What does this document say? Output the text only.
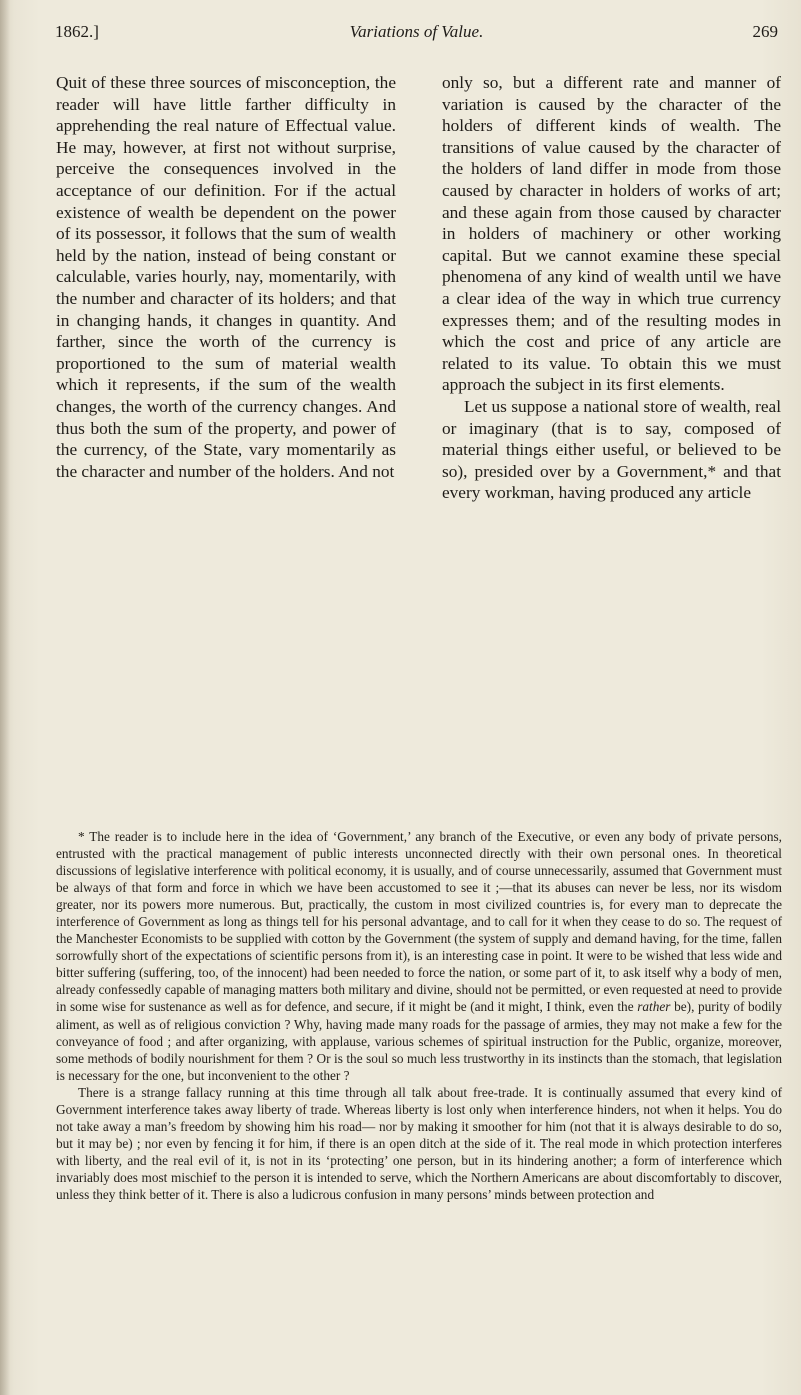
1862.]	Variations of Value.	269

Quit of these three sources of misconception, the reader will have little farther difficulty in apprehending the real nature of Effectual value. He may, however, at first not without surprise, perceive the consequences involved in the acceptance of our definition. For if the actual existence of wealth be dependent on the power of its possessor, it follows that the sum of wealth held by the nation, instead of being constant or calculable, varies hourly, nay, momentarily, with the number and character of its holders; and that in changing hands, it changes in quantity. And farther, since the worth of the currency is proportioned to the sum of material wealth which it represents, if the sum of the wealth changes, the worth of the currency changes. And thus both the sum of the property, and power of the currency, of the State, vary momentarily as the character and number of the holders. And not

only so, but a different rate and manner of variation is caused by the character of the holders of different kinds of wealth. The transitions of value caused by the character of the holders of land differ in mode from those caused by character in holders of works of art; and these again from those caused by character in holders of machinery or other working capital. But we cannot examine these special phenomena of any kind of wealth until we have a clear idea of the way in which true currency expresses them; and of the resulting modes in which the cost and price of any article are related to its value. To obtain this we must approach the subject in its first elements.

Let us suppose a national store of wealth, real or imaginary (that is to say, composed of material things either useful, or believed to be so), presided over by a Government,* and that every workman, having produced any article

* The reader is to include here in the idea of ‘Government,’ any branch of the Executive, or even any body of private persons, entrusted with the practical management of public interests unconnected directly with their own personal ones. In theoretical discussions of legislative interference with political economy, it is usually, and of course unnecessarily, assumed that Government must be always of that form and force in which we have been accustomed to see it ;—that its abuses can never be less, nor its wisdom greater, nor its powers more numerous. But, practically, the custom in most civilized countries is, for every man to deprecate the interference of Government as long as things tell for his personal advantage, and to call for it when they cease to do so. The request of the Manchester Economists to be supplied with cotton by the Government (the system of supply and demand having, for the time, fallen sorrowfully short of the expectations of scientific persons from it), is an interesting case in point. It were to be wished that less wide and bitter suffering (suffering, too, of the innocent) had been needed to force the nation, or some part of it, to ask itself why a body of men, already confessedly capable of managing matters both military and divine, should not be permitted, or even requested at need to provide in some wise for sustenance as well as for defence, and secure, if it might be (and it might, I think, even the rather be), purity of bodily aliment, as well as of religious conviction ? Why, having made many roads for the passage of armies, they may not make a few for the conveyance of food ; and after organizing, with applause, various schemes of spiritual instruction for the Public, organize, moreover, some methods of bodily nourishment for them ? Or is the soul so much less trustworthy in its instincts than the stomach, that legislation is necessary for the one, but inconvenient to the other ?

There is a strange fallacy running at this time through all talk about free-trade. It is continually assumed that every kind of Government interference takes away liberty of trade. Whereas liberty is lost only when interference hinders, not when it helps. You do not take away a man’s freedom by showing him his road— nor by making it smoother for him (not that it is always desirable to do so, but it may be) ; nor even by fencing it for him, if there is an open ditch at the side of it. The real mode in which protection interferes with liberty, and the real evil of it, is not in its ‘protecting’ one person, but in its hindering another; a form of interference which invariably does most mischief to the person it is intended to serve, which the Northern Americans are about discomfortably to discover, unless they think better of it. There is also a ludicrous confusion in many persons’ minds between protection and
